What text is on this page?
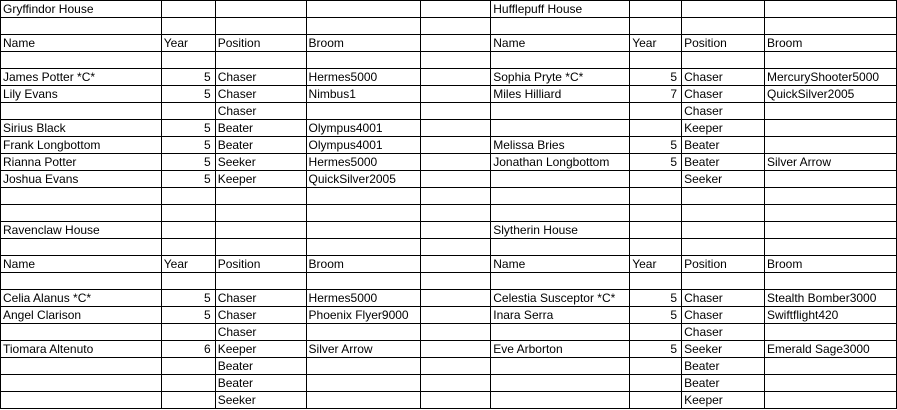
Gryffindor House					Hufflepuff House			

Name	Year	Position	Broom		Name	Year	Position	Broom

James Potter *C*	5	Chaser	Hermes5000		Sophia Pryte *C*	5	Chaser	MercuryShooter5000
Lily Evans	5	Chaser	Nimbus1		Miles Hilliard	7	Chaser	QuickSilver2005
		Chaser					Chaser	
Sirius Black	5	Beater	Olympus4001				Keeper	
Frank Longbottom	5	Beater	Olympus4001		Melissa Bries	5	Beater	
Rianna Potter	5	Seeker	Hermes5000		Jonathan Longbottom	5	Beater	Silver Arrow
Joshua Evans	5	Keeper	QuickSilver2005				Seeker	

Ravenclaw House					Slytherin House			

Name	Year	Position	Broom		Name	Year	Position	Broom

Celia Alanus *C*	5	Chaser	Hermes5000		Celestia Susceptor *C*	5	Chaser	Stealth Bomber3000
Angel Clarison	5	Chaser	Phoenix Flyer9000		Inara Serra	5	Chaser	Swiftflight420
		Chaser					Chaser	
Tiomara Altenuto	6	Keeper	Silver Arrow		Eve Arborton	5	Seeker	Emerald Sage3000
		Beater					Beater	
		Beater					Beater	
		Seeker					Keeper	
